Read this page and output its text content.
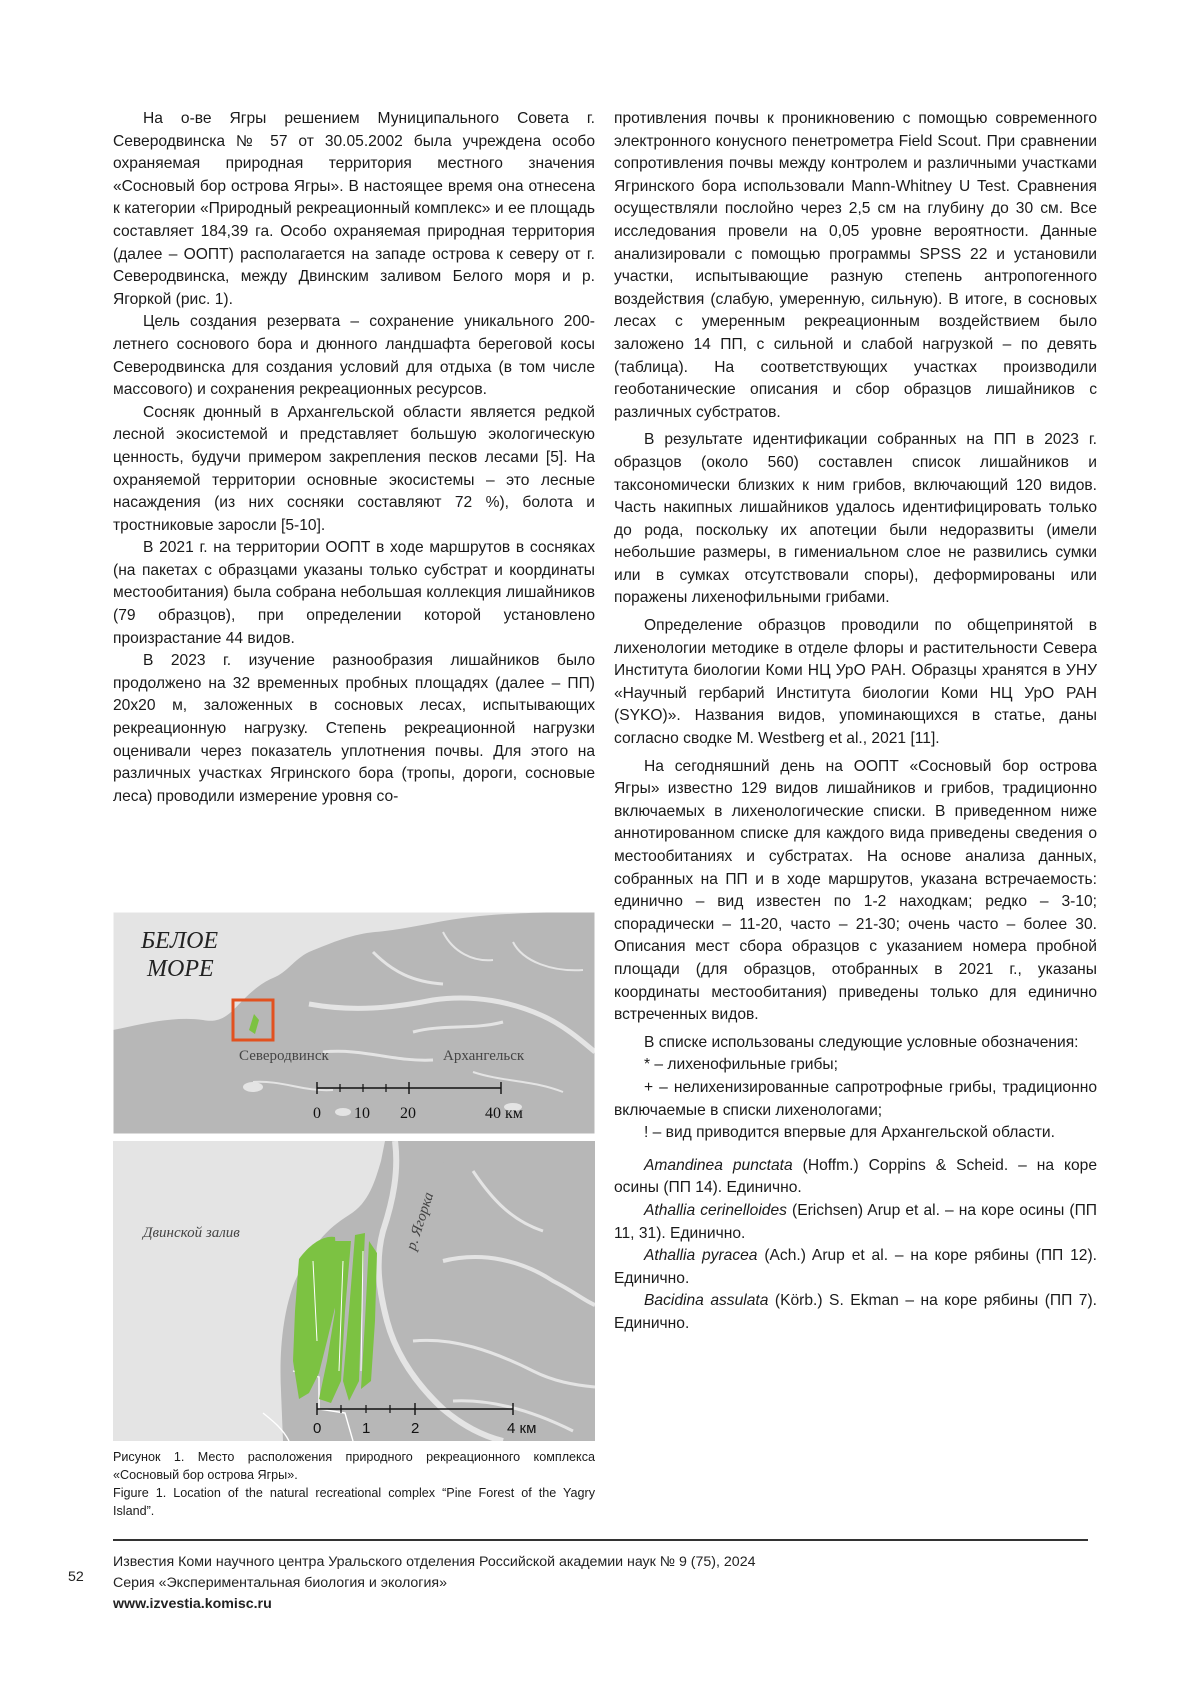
На о-ве Ягры решением Муниципального Совета г. Северодвинска № 57 от 30.05.2002 была учреждена особо охраняемая природная территория местного значения «Сосновый бор острова Ягры». В настоящее время она отнесена к категории «Природный рекреационный комплекс» и ее площадь составляет 184,39 га. Особо охраняемая природная территория (далее – ООПТ) располагается на западе острова к северу от г. Северодвинска, между Двинским заливом Белого моря и р. Ягоркой (рис. 1).

Цель создания резервата – сохранение уникального 200-летнего соснового бора и дюнного ландшафта береговой косы Северодвинска для создания условий для отдыха (в том числе массового) и сохранения рекреационных ресурсов.

Сосняк дюнный в Архангельской области является редкой лесной экосистемой и представляет большую экологическую ценность, будучи примером закрепления песков лесами [5]. На охраняемой территории основные экосистемы – это лесные насаждения (из них сосняки составляют 72 %), болота и тростниковые заросли [5-10].

В 2021 г. на территории ООПТ в ходе маршрутов в сосняках (на пакетах с образцами указаны только субстрат и координаты местообитания) была собрана небольшая коллекция лишайников (79 образцов), при определении которой установлено произрастание 44 видов.

В 2023 г. изучение разнообразия лишайников было продолжено на 32 временных пробных площадях (далее – ПП) 20х20 м, заложенных в сосновых лесах, испытывающих рекреационную нагрузку. Степень рекреационной нагрузки оценивали через показатель уплотнения почвы. Для этого на различных участках Ягринского бора (тропы, дороги, сосновые леса) проводили измерение уровня со-

БЕЛОЕ
МОРЕ
Северодвинск	Архангельск
0 10 20	40 км
Двинской залив	р. Ягорка
0	1	2	4 км
Рисунок 1. Место расположения природного рекреационного комплекса «Сосновый бор острова Ягры».
Figure 1. Location of the natural recreational complex “Pine Forest of the Yagry Island”.

противления почвы к проникновению с помощью современного электронного конусного пенетрометра Field Scout. При сравнении сопротивления почвы между контролем и различными участками Ягринского бора использовали Mann-Whitney U Test. Сравнения осуществляли послойно через 2,5 см на глубину до 30 см. Все исследования провели на 0,05 уровне вероятности. Данные анализировали с помощью программы SPSS 22 и установили участки, испытывающие разную степень антропогенного воздействия (слабую, умеренную, сильную). В итоге, в сосновых лесах с умеренным рекреационным воздействием было заложено 14 ПП, с сильной и слабой нагрузкой – по девять (таблица). На соответствующих участках производили геоботанические описания и сбор образцов лишайников с различных субстратов.

В результате идентификации собранных на ПП в 2023 г. образцов (около 560) составлен список лишайников и таксономически близких к ним грибов, включающий 120 видов. Часть накипных лишайников удалось идентифицировать только до рода, поскольку их апотеции были недоразвиты (имели небольшие размеры, в гимениальном слое не развились сумки или в сумках отсутствовали споры), деформированы или поражены лихенофильными грибами.

Определение образцов проводили по общепринятой в лихенологии методике в отделе флоры и растительности Севера Института биологии Коми НЦ УрО РАН. Образцы хранятся в УНУ «Научный гербарий Института биологии Коми НЦ УрО РАН (SYKO)». Названия видов, упоминающихся в статье, даны согласно сводке M. Westberg et al., 2021 [11].

На сегодняшний день на ООПТ «Сосновый бор острова Ягры» известно 129 видов лишайников и грибов, традиционно включаемых в лихенологические списки. В приведенном ниже аннотированном списке для каждого вида приведены сведения о местообитаниях и субстратах. На основе анализа данных, собранных на ПП и в ходе маршрутов, указана встречаемость: единично – вид известен по 1-2 находкам; редко – 3-10; спорадически – 11-20, часто – 21-30; очень часто – более 30. Описания мест сбора образцов с указанием номера пробной площади (для образцов, отобранных в 2021 г., указаны координаты местообитания) приведены только для единично встреченных видов.

В списке использованы следующие условные обозначения:

* – лихенофильные грибы;

+ – нелихенизированные сапротрофные грибы, традиционно включаемые в списки лихенологами;

! – вид приводится впервые для Архангельской области.

Amandinea punctata (Hoffm.) Coppins & Scheid. – на коре осины (ПП 14). Единично.

Athallia cerinelloides (Erichsen) Arup et al. – на коре осины (ПП 11, 31). Единично.

Athallia pyracea (Ach.) Arup et al. – на коре рябины (ПП 12). Единично.

Bacidina assulata (Körb.) S. Ekman – на коре рябины (ПП 7). Единично.

52
Известия Коми научного центра Уральского отделения Российской академии наук № 9 (75), 2024
Серия «Экспериментальная биология и экология»
www.izvestia.komisc.ru
